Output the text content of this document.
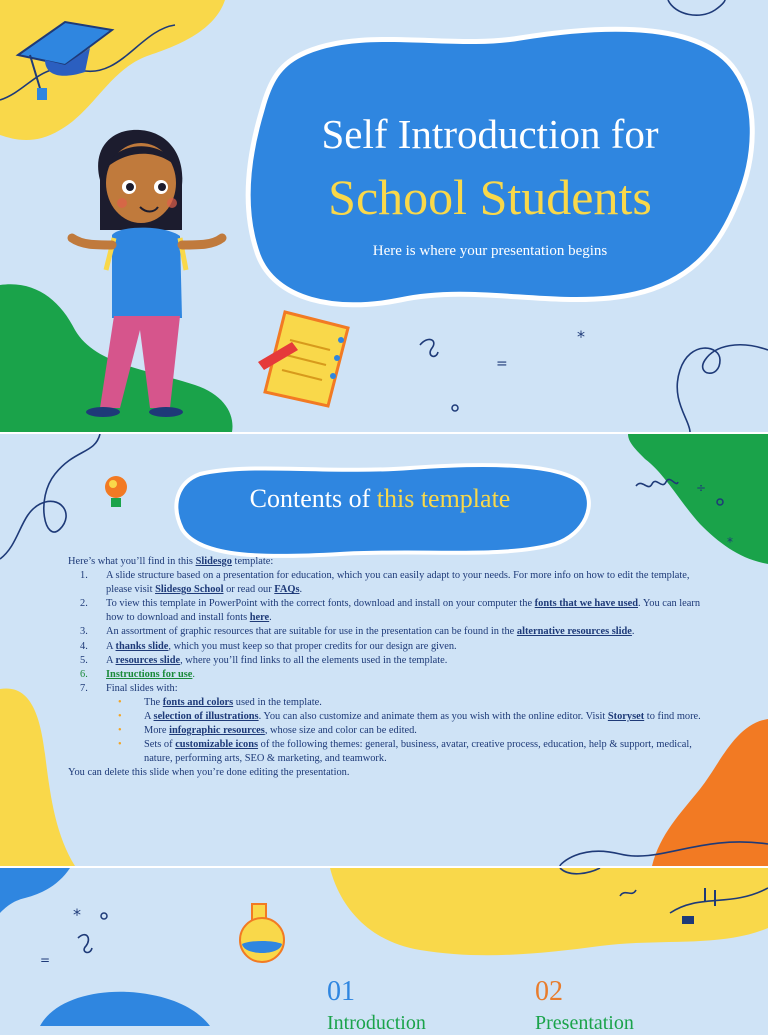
*
=
Self Introduction for
School Students
Here is where your presentation begins
÷
*
Contents of this template

Here’s what you’ll find in this Slidesgo template:

1. A slide structure based on a presentation for education, which you can easily adapt to your needs. For more info on how to edit the template, please visit Slidesgo School or read our FAQs.
2. To view this template in PowerPoint with the correct fonts, download and install on your computer the fonts that we have used. You can learn how to download and install fonts here.
3. An assortment of graphic resources that are suitable for use in the presentation can be found in the alternative resources slide.
4. A thanks slide, which you must keep so that proper credits for our design are given.
5. A resources slide, where you’ll find links to all the elements used in the template.
6. Instructions for use.
7. Final slides with:
• The fonts and colors used in the template.
• A selection of illustrations. You can also customize and animate them as you wish with the online editor. Visit Storyset to find more.
• More infographic resources, whose size and color can be edited.
• Sets of customizable icons of the following themes: general, business, avatar, creative process, education, help & support, medical, nature, performing arts, SEO & marketing, and teamwork.

You can delete this slide when you’re done editing the presentation.

*
=
01	02
Introduction	Presentation
